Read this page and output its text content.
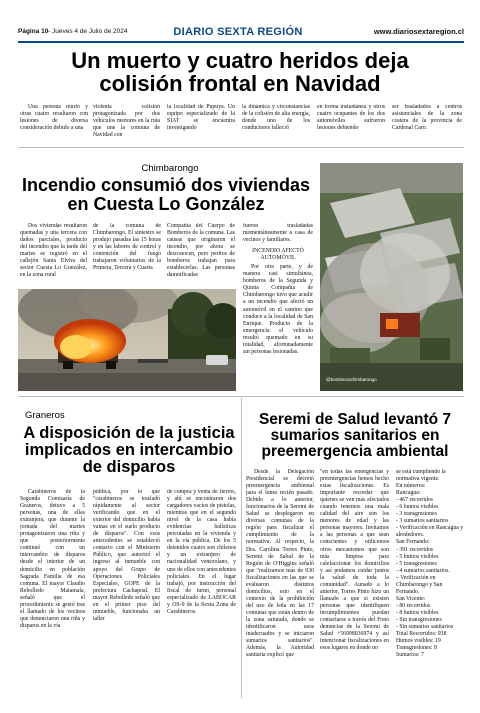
Página 10 - Jueves 4 de Julio de 2024	DIARIO SEXTA REGIÓN	www.diariosextaregion.cl
Un muerto y cuatro heridos deja colisión frontal en Navidad
Una persona murió y otras cuatro resultaron con lesiones de diversa consideración debido a una
violenta colisión protagonizada por dos vehículos menores en la ruta que une la comuna de Navidad con
la localidad de Pupuya. Un equipo especializado de la SIAT se encuentra investigando
la dinámica y circunstancias de la colisión de alta energía, donde uno de los conductores falleció
en forma instantánea y otros cuatro ocupantes de los dos automóviles sufrieron lesiones debiendo
ser trasladados a centros asistenciales de la zona costera de la provincia de Cardenal Caro.
Chimbarongo
Incendio consumió dos viviendas en Cuesta Lo González
Dos viviendas resultaron quemadas y una tercera con daños parciales, producto del incendio que la tarde del martes se registró en el callejón Santa Elvira del sector Cuesta Lo González, en la zona rural
de la comuna de Chimbarongo. El siniestro se produjo pasadas las 15 horas y en las labores de control y contención del fuego trabajaron voluntarios de la Primera, Tercera y Cuarta
Compañía del Cuerpo de Bomberos de la comuna. Las causas que originaron el incendio, por ahora se desconocen, pero peritos de bomberos trabajan para establecerlas. Las personas damnificadas
fueron trasladadas momentáneamente a casa de vecinos y familiares.
INCENDIO AFECTÓ AUTOMÓVIL
Por otra parte, y de manera casi simultánea, bomberos de la Segunda y Quinta Compañía de Chimbarongo tuvo que acudir a un incendio que afectó un automóvil en el camino que conduce a la localidad de San Enrique. Producto de la emergencia el vehículo resultó quemado en su totalidad, afortunadamente sin personas lesionadas.
@bomberoschimbarongo
Graneros
A disposición de la justicia implicados en intercambio de disparos
Carabineros de la Segunda Comisaría de Graneros, detuvo a 5 personas, una de ellas extranjera, que durante la jornada del martes protagonizaron una riña y que posteriormente continuó con un intercambio de disparos desde el interior de un domicilio en población Sagrada Familia de esa comuna. El mayor Claudio Rebolledo Matamala, señaló que el procedimiento se gestó tras el llamado de los vecinos que denunciaron una riña y disparos en la vía
pública, por lo que "carabineros se trasladó rápidamente al sector verificando que en el exterior del domicilio había vainas en el suelo producto de disparos". Con esos antecedentes se estableció contacto con el Ministerio Público, que autorizó el ingreso al inmueble con apoyo del Grupo de Operaciones Policiales Especiales, GOPE de la prefectura Cachapoal. El mayor Rebolledo señaló que en el primer piso del inmueble, funcionaba un taller
de compra y venta de fierros, y ahí se encontraron dos cargadores vacíos de pistolas, mientras que en el segundo nivel de la casa había evidencias balísticas percutadas en la vivienda y en la vía pública. De los 5 detenidos cuatro son chilenos y un extranjero de nacionalidad venezolano, y uno de ellos con antecedentes policiales. En el lugar trabajó, por instrucción del fiscal de turno, personal especializado de LABOCAR y OS-9 de la Sexta Zona de Carabineros.
Seremi de Salud levantó 7 sumarios sanitarios en preemergencia ambiental
Desde la Delegación Presidencial se decretó preemergencia ambiental para el lunes recién pasado. Debido a lo anterior, funcionarios de la Seremi de Salud se desplegaron en diversas comunas de la región para fiscalizar el cumplimiento de la normativa. Al respecto, la Dra. Carolina Torres Pinto, Seremi de Salud de la Región de O'Higgins señaló que "realizamos más de 930 fiscalizaciones en las que se evaluaron distintos domicilios, esto en el contexto de la prohibición del uso de leña en las 17 comunas que están dentro de la zona saturada, donde se identificaron usos inadecuados y se iniciaron sumarios sanitarios". Además, la Autoridad sanitaria explicó que
"en todas las emergencias y preemergencias hemos hecho estas fiscalizaciones. Es importante recordar que quienes se ven más afectados cuando tenemos una mala calidad del aire son los menores de edad y las personas mayores. Invitamos a las personas a que sean conscientes y utilicemos otros mecanismos que son más limpios para calefaccionar los domicilios y así podamos cuidar juntos la salud de toda la comunidad". Aunado a lo anterior, Torres Pinto hizo un llamado a que si existen personas que identifiquen incumplimientos puedan contactarse a través del Fono denuncias de la Seremi de Salud +56998036974 y así intencionar fiscalizaciones en esos lugares en donde no
se está cumpliendo la normativa vigente.
En números:
Rancagua:
- 467 recorridos
- 6 humos visibles
- 3 transgresiones
- 3 sumarios sanitarios
- Verificación en Rancagua y alrededores.
San Fernando:
- 391 recorridos
- 5 humos visibles
- 5 transgresiones
- 4 sumarios sanitarios.
– Verificación en Chimbarongo y San Fernando.
San Vicente:
- 80 recorridos
- 8 humos visibles
- Sin transgresiones
- Sin sumarios sanitarios
Total Recorridos: 938
Humos visibles: 19
Transgresiones: 8
Sumarios: 7
